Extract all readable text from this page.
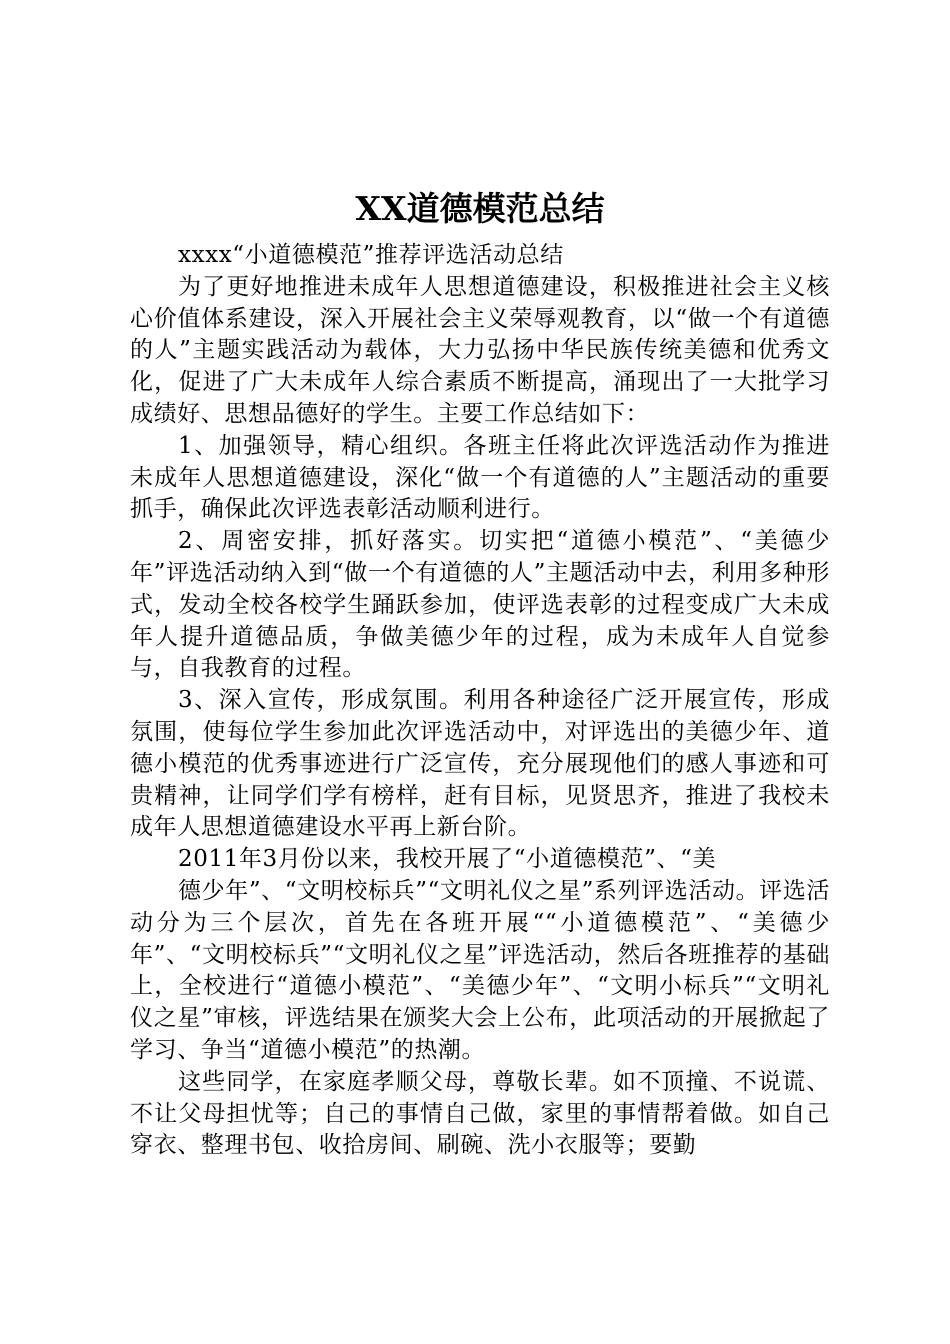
XX道德模范总结

xxxx“小道德模范”推荐评选活动总结

为了更好地推进未成年人思想道德建设，积极推进社会主义核心价值体系建设，深入开展社会主义荣辱观教育，以“做一个有道德的人”主题实践活动为载体，大力弘扬中华民族传统美德和优秀文化，促进了广大未成年人综合素质不断提高，涌现出了一大批学习成绩好、思想品德好的学生。主要工作总结如下：

1、加强领导，精心组织。各班主任将此次评选活动作为推进未成年人思想道德建设，深化“做一个有道德的人”主题活动的重要抓手，确保此次评选表彰活动顺利进行。

2、周密安排，抓好落实。切实把“道德小模范”、“美德少年”评选活动纳入到“做一个有道德的人”主题活动中去，利用多种形式，发动全校各校学生踊跃参加，使评选表彰的过程变成广大未成年人提升道德品质，争做美德少年的过程，成为未成年人自觉参与，自我教育的过程。

3、深入宣传，形成氛围。利用各种途径广泛开展宣传，形成氛围，使每位学生参加此次评选活动中，对评选出的美德少年、道德小模范的优秀事迹进行广泛宣传，充分展现他们的感人事迹和可贵精神，让同学们学有榜样，赶有目标，见贤思齐，推进了我校未成年人思想道德建设水平再上新台阶。

2011年3月份以来，我校开展了“小道德模范”、“美

德少年”、“文明校标兵”“文明礼仪之星”系列评选活动。评选活动分为三个层次，首先在各班开展““小道德模范”、“美德少年”、“文明校标兵”“文明礼仪之星”评选活动，然后各班推荐的基础上，全校进行“道德小模范”、“美德少年”、“文明小标兵”“文明礼仪之星”审核，评选结果在颁奖大会上公布，此项活动的开展掀起了学习、争当“道德小模范”的热潮。

这些同学，在家庭孝顺父母，尊敬长辈。如不顶撞、不说谎、不让父母担忧等；自己的事情自己做，家里的事情帮着做。如自己穿衣、整理书包、收拾房间、刷碗、洗小衣服等；要勤
